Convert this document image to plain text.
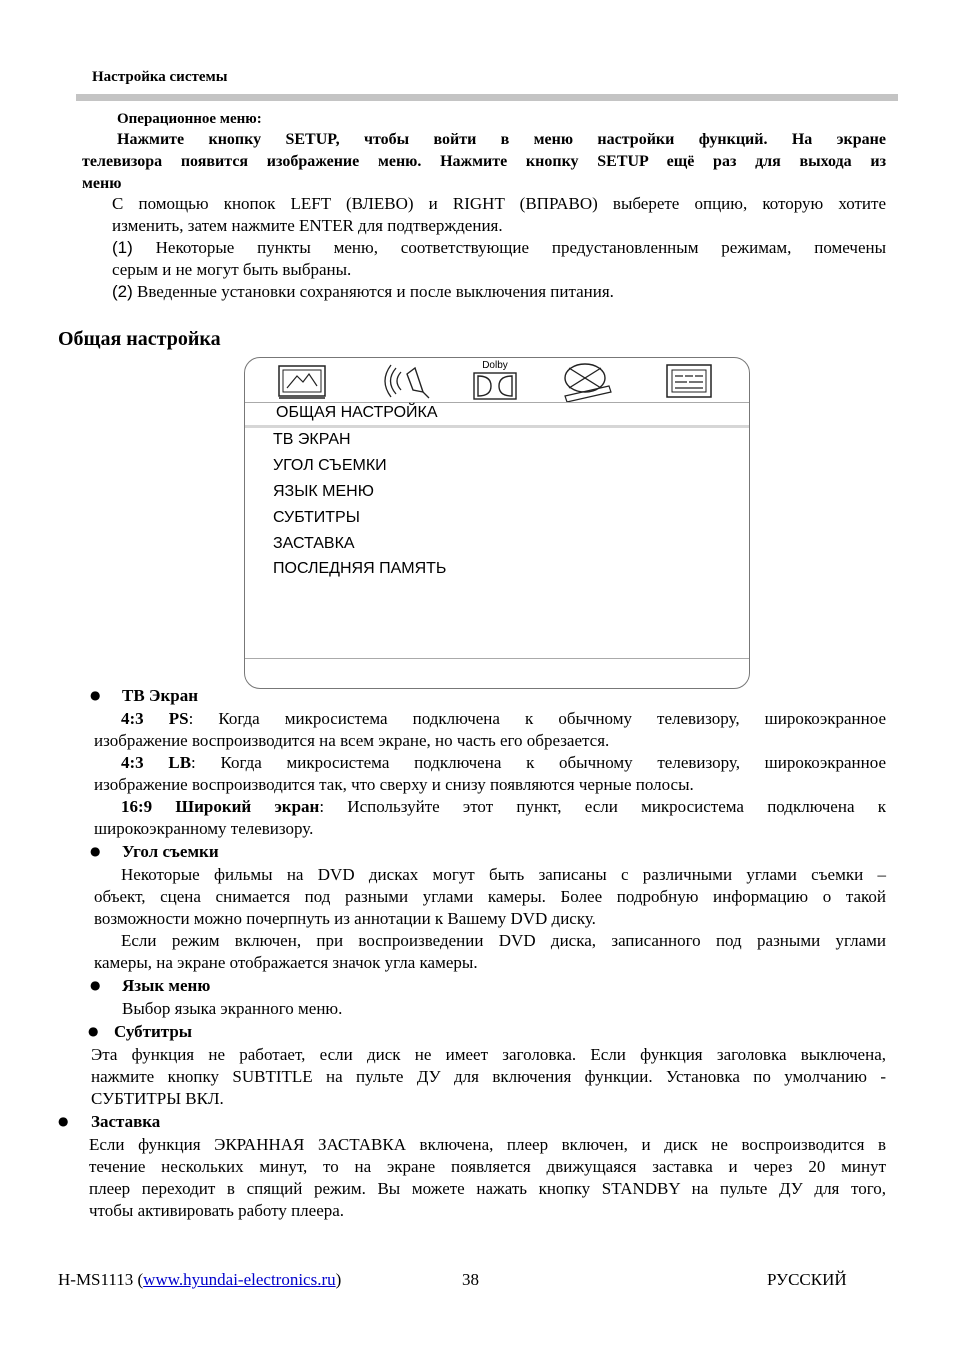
Настройка системы
Операционное меню:
Нажмите кнопку SETUP, чтобы войти в меню настройки функций. На экране
телевизора появится изображение меню. Нажмите кнопку SETUP ещё раз для выхода из
меню
С помощью кнопок LEFT (ВЛЕВО) и RIGHT (ВПРАВО) выберете опцию, которую хотите
изменить, затем нажмите ENTER для подтверждения.
(1) Некоторые пункты меню, соответствующие предустановленным режимам, помечены
серым и не могут быть выбраны.
(2) Введенные установки сохраняются и после выключения питания.
Общая настройка
Dolby
ОБЩАЯ НАСТРОЙКА
ТВ ЭКРАН
УГОЛ СЪЕМКИ
ЯЗЫК МЕНЮ
СУБТИТРЫ
ЗАСТАВКА
ПОСЛЕДНЯЯ ПАМЯТЬ
● ТВ Экран
4:3 PS: Когда микросистема подключена к обычному телевизору, широкоэкранное
изображение воспроизводится на всем экране, но часть его обрезается.
4:3 LB: Когда микросистема подключена к обычному телевизору, широкоэкранное
изображение воспроизводится так, что сверху и снизу появляются черные полосы.
16:9 Широкий экран: Используйте этот пункт, если микросистема подключена к
широкоэкранному телевизору.
● Угол съемки
Некоторые фильмы на DVD дисках могут быть записаны с различными углами съемки –
объект, сцена снимается под разными углами камеры. Более подробную информацию о такой
возможности можно почерпнуть из аннотации к Вашему DVD диску.
Если режим включен, при воспроизведении DVD диска, записанного под разными углами
камеры, на экране отображается значок угла камеры.
● Язык меню
Выбор языка экранного меню.
● Субтитры
Эта функция не работает, если диск не имеет заголовка. Если функция заголовка выключена,
нажмите кнопку SUBTITLE на пульте ДУ для включения функции. Установка по умолчанию -
СУБТИТРЫ ВКЛ.
● Заставка
Если функция ЭКРАННАЯ ЗАСТАВКА включена, плеер включен, и диск не воспроизводится в
течение нескольких минут, то на экране появляется движущаяся заставка и через 20 минут
плеер переходит в спящий режим. Вы можете нажать кнопку STANDBY на пульте ДУ для того,
чтобы активировать работу плеера.
H-MS1113 (www.hyundai-electronics.ru)	38	РУССКИЙ
